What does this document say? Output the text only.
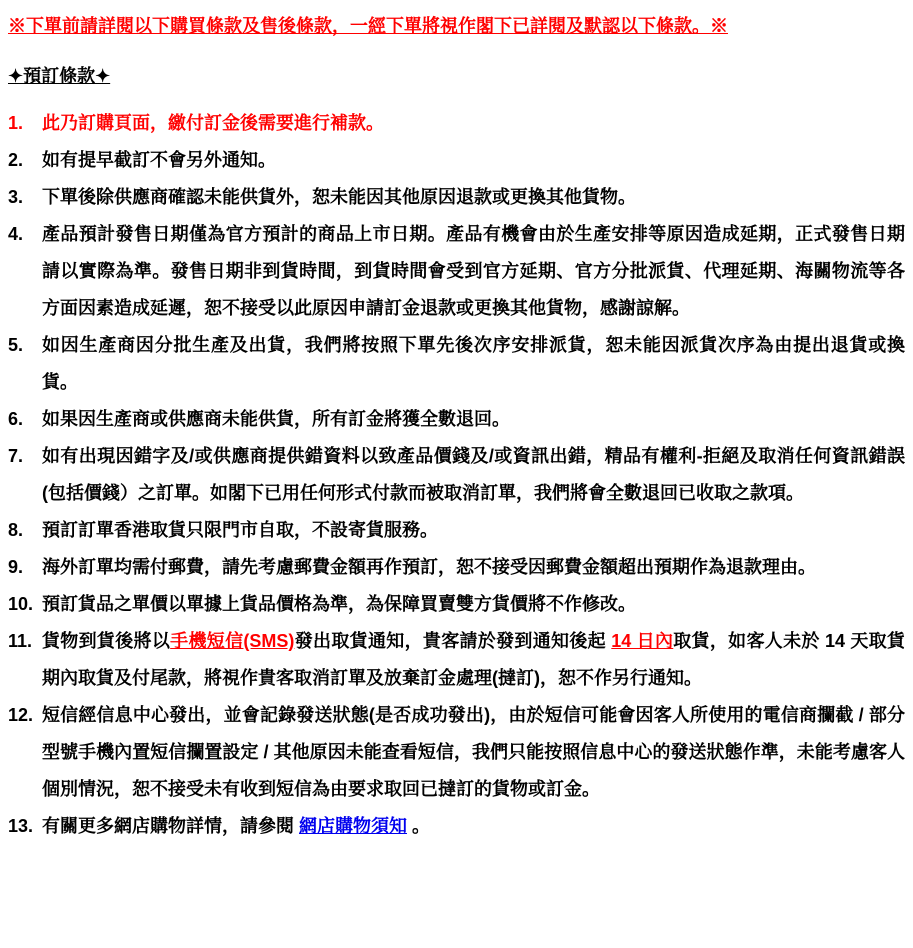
※下單前請詳閱以下購買條款及售後條款，一經下單將視作閣下已詳閱及默認以下條款。※
✦預訂條款✦
1.	此乃訂購頁面，繳付訂金後需要進行補款。
2.	如有提早截訂不會另外通知。
3.	下單後除供應商確認未能供貨外，恕未能因其他原因退款或更換其他貨物。
4.	產品預計發售日期僅為官方預計的商品上市日期。產品有機會由於生產安排等原因造成延期，正式發售日期請以實際為準。發售日期非到貨時間，到貨時間會受到官方延期、官方分批派貨、代理延期、海關物流等各方面因素造成延遲，恕不接受以此原因申請訂金退款或更換其他貨物，感謝諒解。
5.	如因生產商因分批生產及出貨，我們將按照下單先後次序安排派貨，恕未能因派貨次序為由提出退貨或換貨。
6.	如果因生產商或供應商未能供貨，所有訂金將獲全數退回。
7.	如有出現因錯字及/或供應商提供錯資料以致產品價錢及/或資訊出錯，精品有權利-拒絕及取消任何資訊錯誤(包括價錢）之訂單。如閣下已用任何形式付款而被取消訂單，我們將會全數退回已收取之款項。
8.	預訂訂單香港取貨只限門市自取，不設寄貨服務。
9.	海外訂單均需付郵費，請先考慮郵費金額再作預訂，恕不接受因郵費金額超出預期作為退款理由。
10. 預訂貨品之單價以單據上貨品價格為準，為保障買賣雙方貨價將不作修改。
11. 貨物到貨後將以手機短信(SMS)發出取貨通知，貴客請於發到通知後起 14 日內取貨，如客人未於 14 天取貨期內取貨及付尾款，將視作貴客取消訂單及放棄訂金處理(撻訂)，恕不作另行通知。
12. 短信經信息中心發出，並會記錄發送狀態(是否成功發出)，由於短信可能會因客人所使用的電信商攔截 / 部分型號手機內置短信攔置設定 / 其他原因未能查看短信，我們只能按照信息中心的發送狀態作準，未能考慮客人個別情況，恕不接受未有收到短信為由要求取回已撻訂的貨物或訂金。
13. 有關更多網店購物詳情，請參閱 網店購物須知 。
